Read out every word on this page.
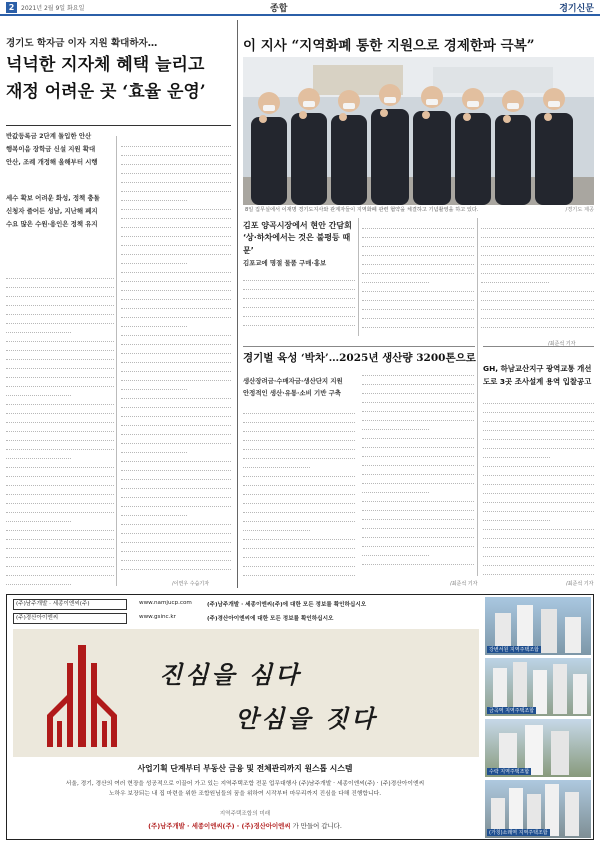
2	2021년 2월 9일 화요일	종합	경기신문
경기도 학자금 이자 지원 확대하자…
넉넉한 지자체 혜택 늘리고
재정 어려운 곳 ‘효율 운영’
반값등록금 2단계 돌입한 안산
행복이음 장학금 신설 지원 확대
안산, 조례 개정해 올해부터 시행
세수 확보 어려운 화성, 정책 충돌
신청자 줄어든 성남, 지난해 폐지
수요 많은 수원·용인은 정책 유지
/이연우 수습기자
이 지사 “지역화폐 통한 지원으로 경제한파 극복”
8일 집무실에서 이재명 경기도지사와 관계자들이 지역화폐 관련 협약을 체결하고 기념촬영을 하고 있다.	/경기도 제공
김포 양곡시장에서 현안 간담회
‘상·하차에서는 것은 불평등 때문’
김포교에 명절 물품 구매·홍보
/최준석 기자
경기벌 육성 ‘박차’…2025년 생산량 3200톤으로
생산장려금·수매자금·생산단지 지원
안정적인 생산·유통·소비 기반 구축
/최준석 기자
GH, 하남교산지구 광역교통 개선
도로 3곳 조사설계 용역 입찰공고
/최준석 기자
(주)남주개발 · 세종이엔씨(주)
(주)경산아이엔씨
www.namjucp.com
www.gsinc.kr
(주)남주개발 · 세종이엔씨(주)에 대한 모든 정보를 확인하십시오
(주)경산아이엔씨에 대한 모든 정보를 확인하십시오
진심을 심다
안심을 짓다
사업기획 단계부터 부동산 금융 및 전체관리까지 원스톱 시스템
서울, 경기, 경산의 여러 현장을 성공적으로 이끌어 가고 있는 지역주택조합 전문 업무대행사 (주)남주개발 · 세종이엔씨(주) · (주)경산아이엔씨
노하우 보장되는 내 집 마련을 위한 조합원님들의 꿈을 위하여 시작부터 마무리까지 진심을 다해 진행합니다.
지역주택조합의 미래
(주)남주개발 · 세종이엔씨(주) · (주)경산아이엔씨 가 만들어 갑니다.
강변서원 지역주택조합
금곡역 지역주택조합
수락 지역주택조합
(가칭)소래역 지역주택조합
